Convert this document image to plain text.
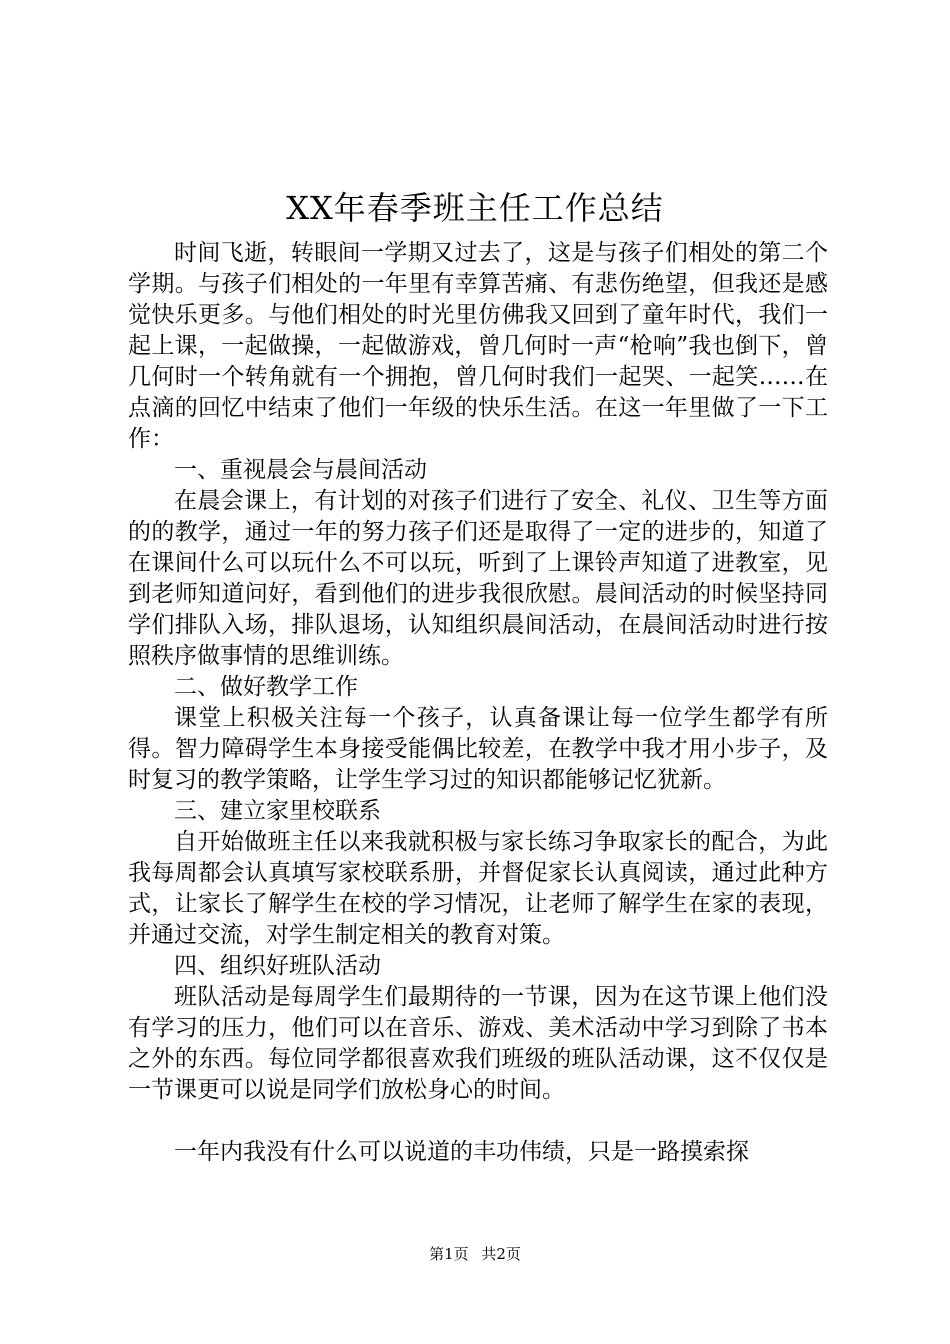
XX年春季班主任工作总结

时间飞逝，转眼间一学期又过去了，这是与孩子们相处的第二个学期。与孩子们相处的一年里有幸算苦痛、有悲伤绝望，但我还是感觉快乐更多。与他们相处的时光里仿佛我又回到了童年时代，我们一起上课，一起做操，一起做游戏，曾几何时一声“枪响”我也倒下，曾几何时一个转角就有一个拥抱，曾几何时我们一起哭、一起笑……在点滴的回忆中结束了他们一年级的快乐生活。在这一年里做了一下工作：

一、重视晨会与晨间活动

在晨会课上，有计划的对孩子们进行了安全、礼仪、卫生等方面的的教学，通过一年的努力孩子们还是取得了一定的进步的，知道了在课间什么可以玩什么不可以玩，听到了上课铃声知道了进教室，见到老师知道问好，看到他们的进步我很欣慰。晨间活动的时候坚持同学们排队入场，排队退场，认知组织晨间活动，在晨间活动时进行按照秩序做事情的思维训练。

二、做好教学工作

课堂上积极关注每一个孩子，认真备课让每一位学生都学有所得。智力障碍学生本身接受能偶比较差，在教学中我才用小步子，及时复习的教学策略，让学生学习过的知识都能够记忆犹新。

三、建立家里校联系

自开始做班主任以来我就积极与家长练习争取家长的配合，为此我每周都会认真填写家校联系册，并督促家长认真阅读，通过此种方式，让家长了解学生在校的学习情况，让老师了解学生在家的表现，并通过交流，对学生制定相关的教育对策。

四、组织好班队活动

班队活动是每周学生们最期待的一节课，因为在这节课上他们没有学习的压力，他们可以在音乐、游戏、美术活动中学习到除了书本之外的东西。每位同学都很喜欢我们班级的班队活动课，这不仅仅是一节课更可以说是同学们放松身心的时间。

一年内我没有什么可以说道的丰功伟绩，只是一路摸索探

第1页 共2页
